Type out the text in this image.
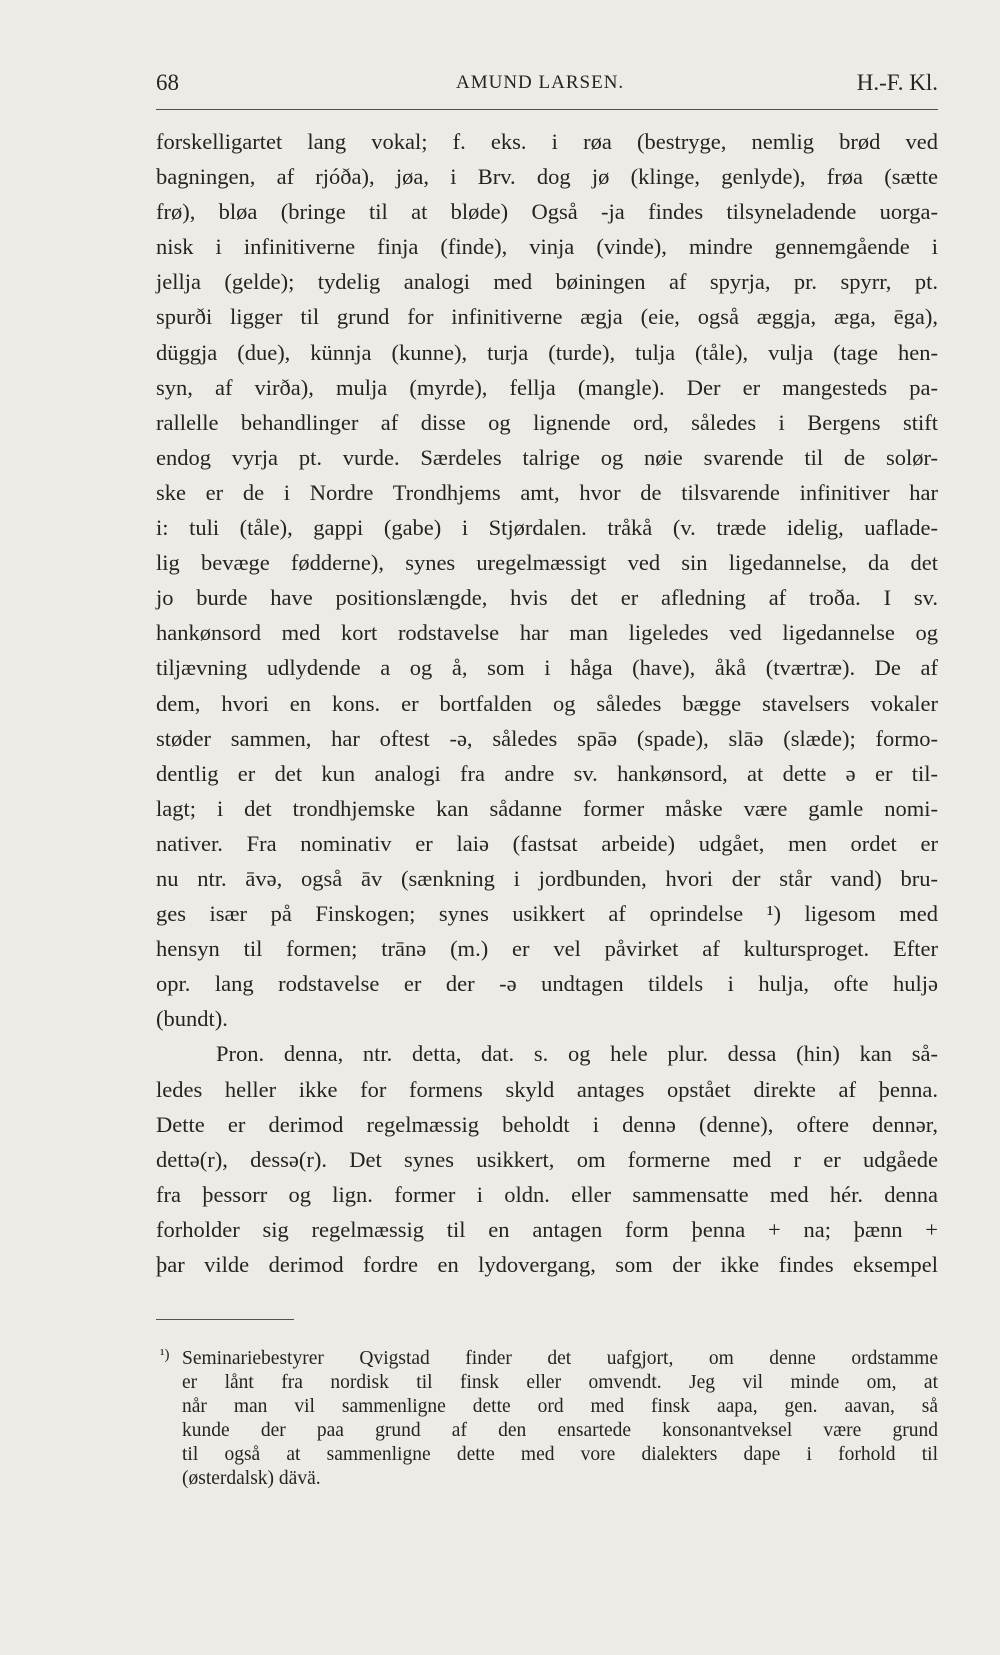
68	AMUND LARSEN.	H.-F. Kl.
forskelligartet lang vokal; f. eks. i røa (bestryge, nemlig brød ved
bagningen, af rjóða), jøa, i Brv. dog jø (klinge, genlyde), frøa (sætte
frø), bløa (bringe til at bløde) Også -ja findes tilsyneladende uorga-
nisk i infinitiverne finja (finde), vinja (vinde), mindre gennemgående i
jellja (gelde); tydelig analogi med bøiningen af spyrja, pr. spyrr, pt.
spurði ligger til grund for infinitiverne ægja (eie, også æggja, æga, ēga),
düggja (due), künnja (kunne), turja (turde), tulja (tåle), vulja (tage hen-
syn, af virða), mulja (myrde), fellja (mangle). Der er mangesteds pa-
rallelle behandlinger af disse og lignende ord, således i Bergens stift
endog vyrja pt. vurde. Særdeles talrige og nøie svarende til de solør-
ske er de i Nordre Trondhjems amt, hvor de tilsvarende infinitiver har
i: tuli (tåle), gappi (gabe) i Stjørdalen. tråkå (v. træde idelig, uaflade-
lig bevæge fødderne), synes uregelmæssigt ved sin ligedannelse, da det
jo burde have positionslængde, hvis det er afledning af troða. I sv.
hankønsord med kort rodstavelse har man ligeledes ved ligedannelse og
tiljævning udlydende a og å, som i håga (have), åkå (tværtræ). De af
dem, hvori en kons. er bortfalden og således bægge stavelsers vokaler
støder sammen, har oftest -ə, således spāə (spade), slāə (slæde); formo-
dentlig er det kun analogi fra andre sv. hankønsord, at dette ə er til-
lagt; i det trondhjemske kan sådanne former måske være gamle nomi-
nativer. Fra nominativ er laiə (fastsat arbeide) udgået, men ordet er
nu ntr. āvə, også āv (sænkning i jordbunden, hvori der står vand) bru-
ges især på Finskogen; synes usikkert af oprindelse ¹) ligesom med
hensyn til formen; trānə (m.) er vel påvirket af kultursproget. Efter
opr. lang rodstavelse er der -ə undtagen tildels i hulja, ofte huljə
(bundt).
Pron. denna, ntr. detta, dat. s. og hele plur. dessa (hin) kan så-
ledes heller ikke for formens skyld antages opstået direkte af þenna.
Dette er derimod regelmæssig beholdt i dennə (denne), oftere dennər,
dettə(r), dessə(r). Det synes usikkert, om formerne med r er udgåede
fra þessorr og lign. former i oldn. eller sammensatte med hér. denna
forholder sig regelmæssig til en antagen form þenna + na; þænn +
þar vilde derimod fordre en lydovergang, som der ikke findes eksempel
¹) Seminariebestyrer Qvigstad finder det uafgjort, om denne ordstamme
er lånt fra nordisk til finsk eller omvendt. Jeg vil minde om, at
når man vil sammenligne dette ord med finsk aapa, gen. aavan, så
kunde der paa grund af den ensartede konsonantveksel være grund
til også at sammenligne dette med vore dialekters dape i forhold til
(østerdalsk) dävä.
